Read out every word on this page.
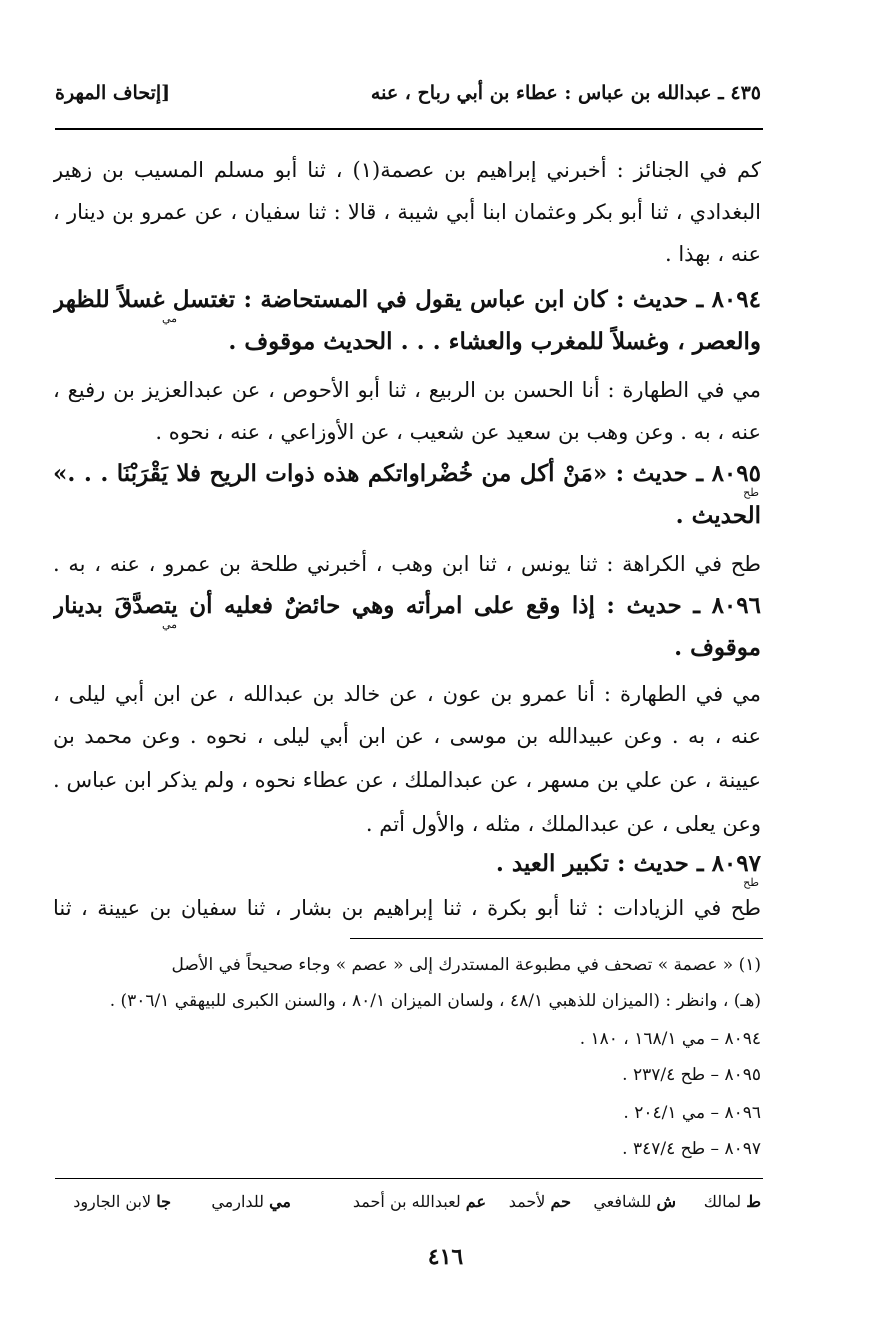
٤٣٥ ـ عبدالله بن عباس : عطاء بن أبي رباح ، عنه
[إتحاف المهرة
كم في الجنائز : أخبرني إبراهيم بن عصمة(١) ، ثنا أبو مسلم المسيب بن زهير
البغدادي ، ثنا أبو بكر وعثمان ابنا أبي شيبة ، قالا : ثنا سفيان ، عن عمرو بن دينار ،
عنه ، بهذا .
٨٠٩٤ ـ حديث : كان ابن عباس يقول في المستحاضة : تغتسل غسلاً للظهر
مي
والعصر ، وغسلاً للمغرب والعشاء . . . الحديث موقوف .
مي في الطهارة : أنا الحسن بن الربيع ، ثنا أبو الأحوص ، عن عبدالعزيز بن رفيع ،
عنه ، به . وعن وهب بن سعيد عن شعيب ، عن الأوزاعي ، عنه ، نحوه .
٨٠٩٥ ـ حديث : «مَنْ أكل من خُضْراواتكم هذه ذوات الريح فلا يَقْرَبْنَا . . .»
طح
الحديث .
طح في الكراهة : ثنا يونس ، ثنا ابن وهب ، أخبرني طلحة بن عمرو ، عنه ، به .
٨٠٩٦ ـ حديث : إذا وقع على امرأته وهي حائضٌ فعليه أن يتصدَّقَ بدينار
مي
موقوف .
مي في الطهارة : أنا عمرو بن عون ، عن خالد بن عبدالله ، عن ابن أبي ليلى ،
عنه ، به . وعن عبيدالله بن موسى ، عن ابن أبي ليلى ، نحوه . وعن محمد بن
عيينة ، عن علي بن مسهر ، عن عبدالملك ، عن عطاء نحوه ، ولم يذكر ابن عباس .
وعن يعلى ، عن عبدالملك ، مثله ، والأول أتم .
٨٠٩٧ ـ حديث : تكبير العيد .
طح
طح في الزيادات : ثنا أبو بكرة ، ثنا إبراهيم بن بشار ، ثنا سفيان بن عيينة ، ثنا
(١) « عصمة » تصحف في مطبوعة المستدرك إلى « عصم » وجاء صحيحاً في الأصل
(هـ) ، وانظر : (الميزان للذهبي ٤٨/١ ، ولسان الميزان ٨٠/١ ، والسنن الكبرى للبيهقي ٣٠٦/١) .
٨٠٩٤ – مي ١٦٨/١ ، ١٨٠ .
٨٠٩٥ – طح ٢٣٧/٤ .
٨٠٩٦ – مي ٢٠٤/١ .
٨٠٩٧ – طح ٣٤٧/٤ .
ط لمالك
ش للشافعي
حم لأحمد
عم لعبدالله بن أحمد
مي للدارمي
جا لابن الجارود
٤١٦
